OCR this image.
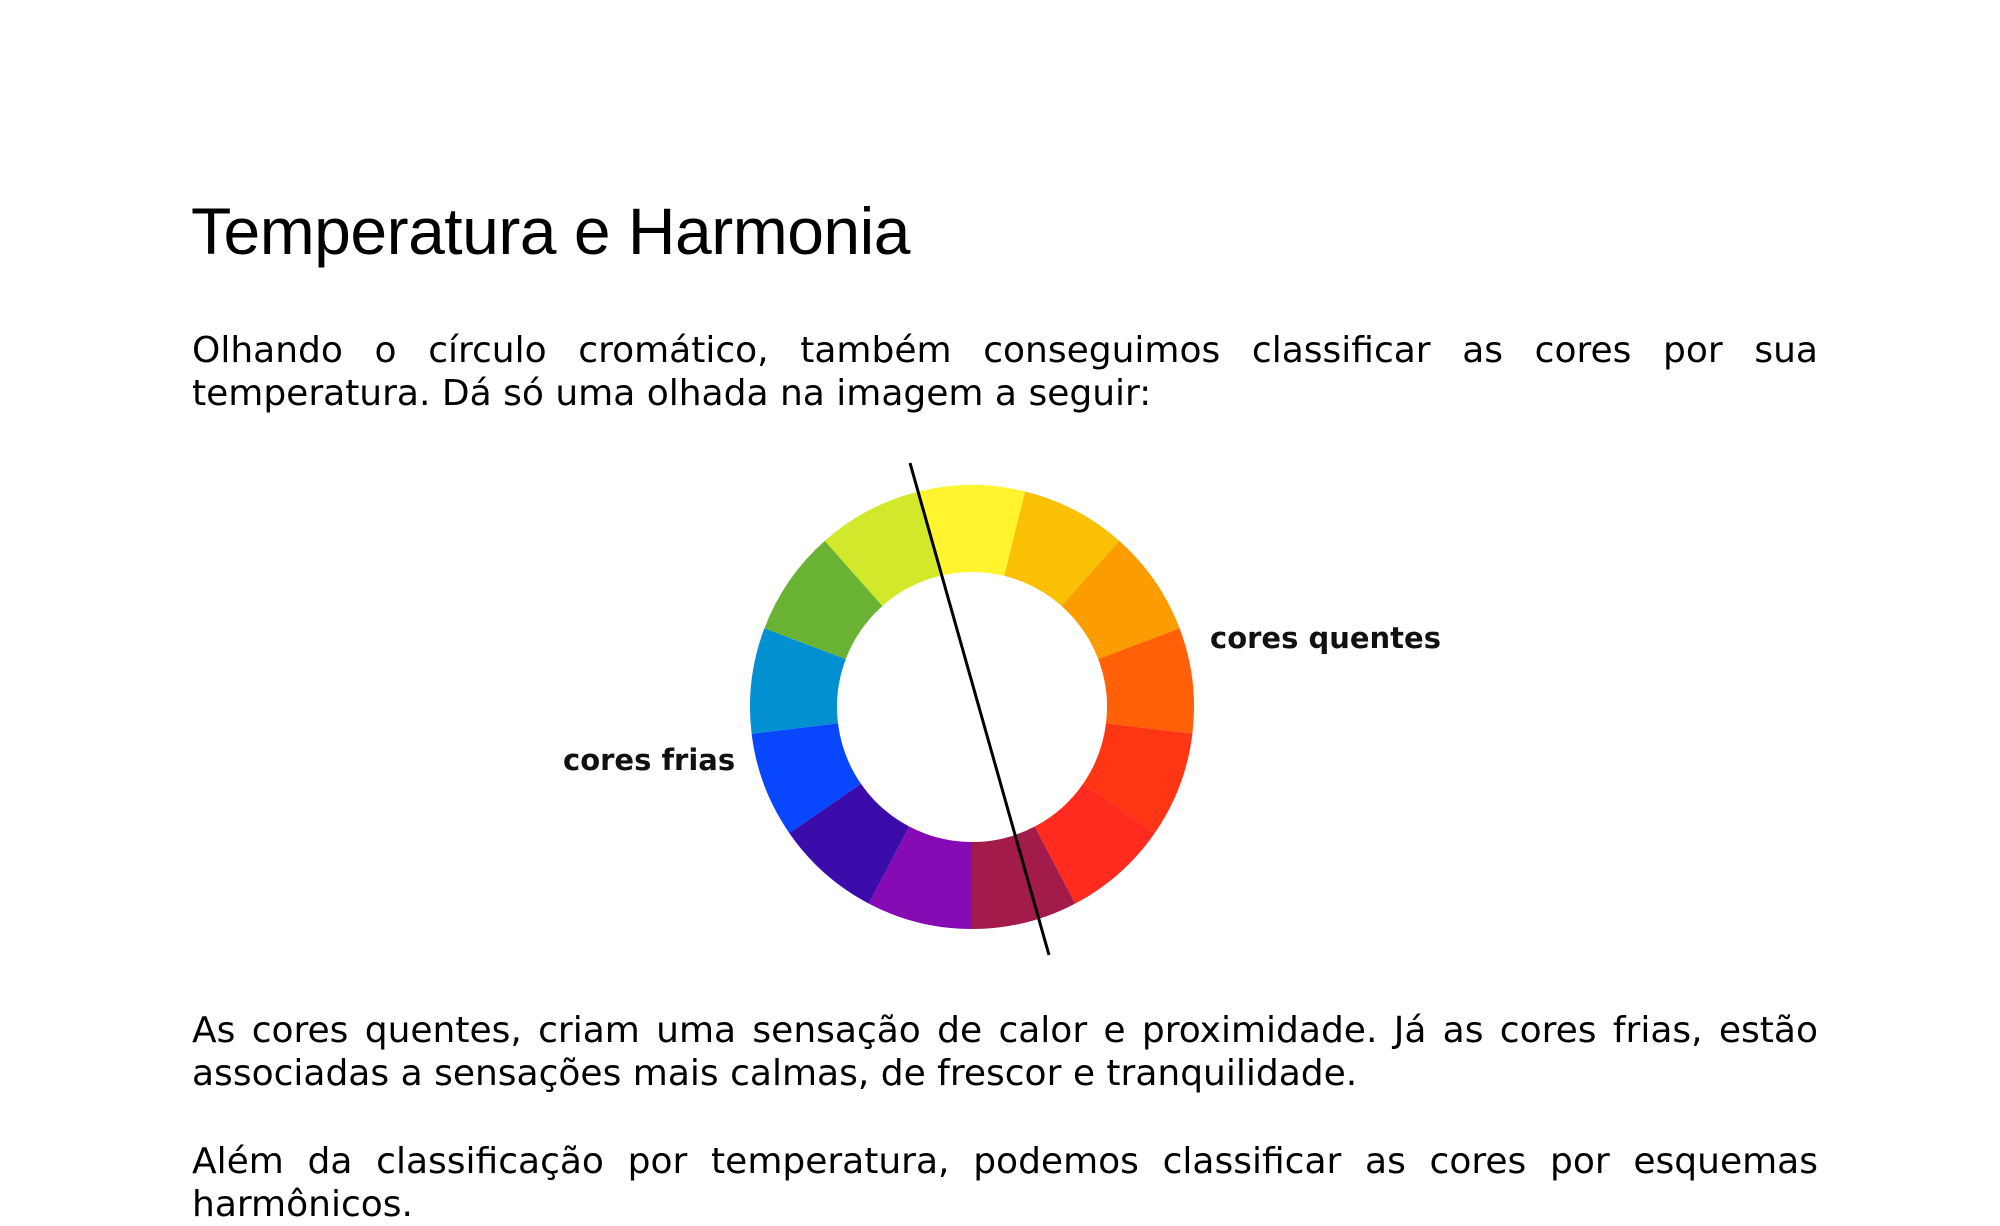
Temperatura e Harmonia

Olhando o círculo cromático, também conseguimos classificar as cores por sua temperatura. Dá só uma olhada na imagem a seguir:

cores quentes
cores frias

As cores quentes, criam uma sensação de calor e proximidade. Já as cores frias, estão associadas a sensações mais calmas, de frescor e tranquilidade.

Além da classificação por temperatura, podemos classificar as cores por esquemas harmônicos.
